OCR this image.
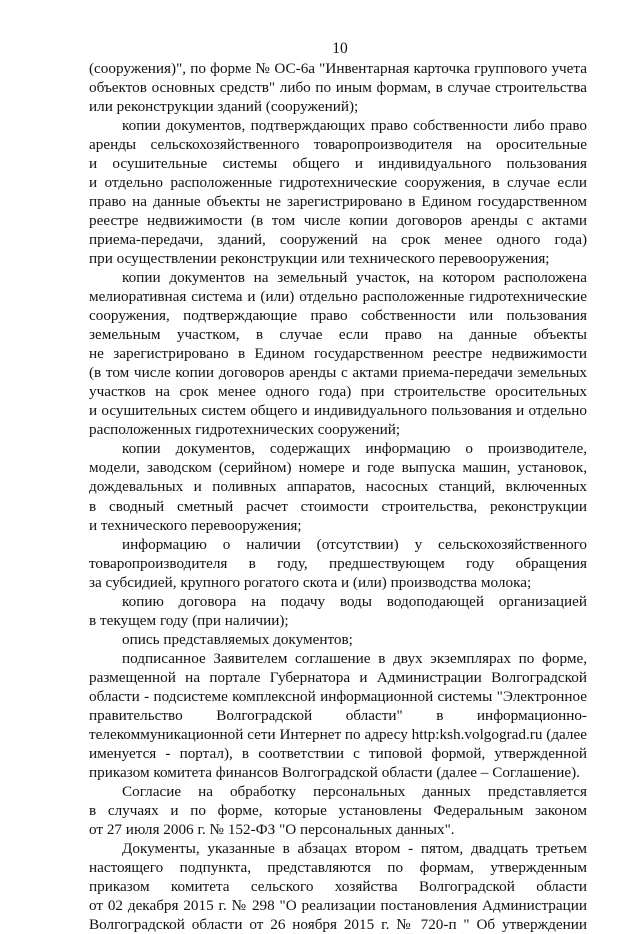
10
(сооружения)", по форме № ОС-6а "Инвентарная карточка группового учета
объектов основных средств" либо по иным формам, в случае строительства
или реконструкции зданий (сооружений);
копии документов, подтверждающих право собственности либо право
аренды сельскохозяйственного товаропроизводителя на оросительные
и осушительные системы общего и индивидуального пользования
и отдельно расположенные гидротехнические сооружения, в случае если
право на данные объекты не зарегистрировано в Едином государственном
реестре недвижимости (в том числе копии договоров аренды с актами
приема-передачи, зданий, сооружений на срок менее одного года)
при осуществлении реконструкции или технического перевооружения;
копии документов на земельный участок, на котором расположена
мелиоративная система и (или) отдельно расположенные гидротехнические
сооружения, подтверждающие право собственности или пользования
земельным участком, в случае если право на данные объекты
не зарегистрировано в Едином государственном реестре недвижимости
(в том числе копии договоров аренды с актами приема-передачи земельных
участков на срок менее одного года) при строительстве оросительных
и осушительных систем общего и индивидуального пользования и отдельно
расположенных гидротехнических сооружений;
копии документов, содержащих информацию о производителе,
модели, заводском (серийном) номере и годе выпуска машин, установок,
дождевальных и поливных аппаратов, насосных станций, включенных
в сводный сметный расчет стоимости строительства, реконструкции
и технического перевооружения;
информацию о наличии (отсутствии) у сельскохозяйственного
товаропроизводителя в году, предшествующем году обращения
за субсидией, крупного рогатого скота и (или) производства молока;
копию договора на подачу воды водоподающей организацией
в текущем году (при наличии);
опись представляемых документов;
подписанное Заявителем соглашение в двух экземплярах по форме,
размещенной на портале Губернатора и Администрации Волгоградской
области - подсистеме комплексной информационной системы "Электронное
правительство Волгоградской области" в информационно-
телекоммуникационной сети Интернет по адресу http:ksh.volgograd.ru (далее
именуется - портал), в соответствии с типовой формой, утвержденной
приказом комитета финансов Волгоградской области (далее – Соглашение).
Согласие на обработку персональных данных представляется
в случаях и по форме, которые установлены Федеральным законом
от 27 июля 2006 г. № 152-ФЗ "О персональных данных".
Документы, указанные в абзацах втором - пятом, двадцать третьем
настоящего подпункта, представляются по формам, утвержденным
приказом комитета сельского хозяйства Волгоградской области
от 02 декабря 2015 г. № 298 "О реализации постановления Администрации
Волгоградской области от 26 ноября 2015 г. № 720-п " Об утверждении
